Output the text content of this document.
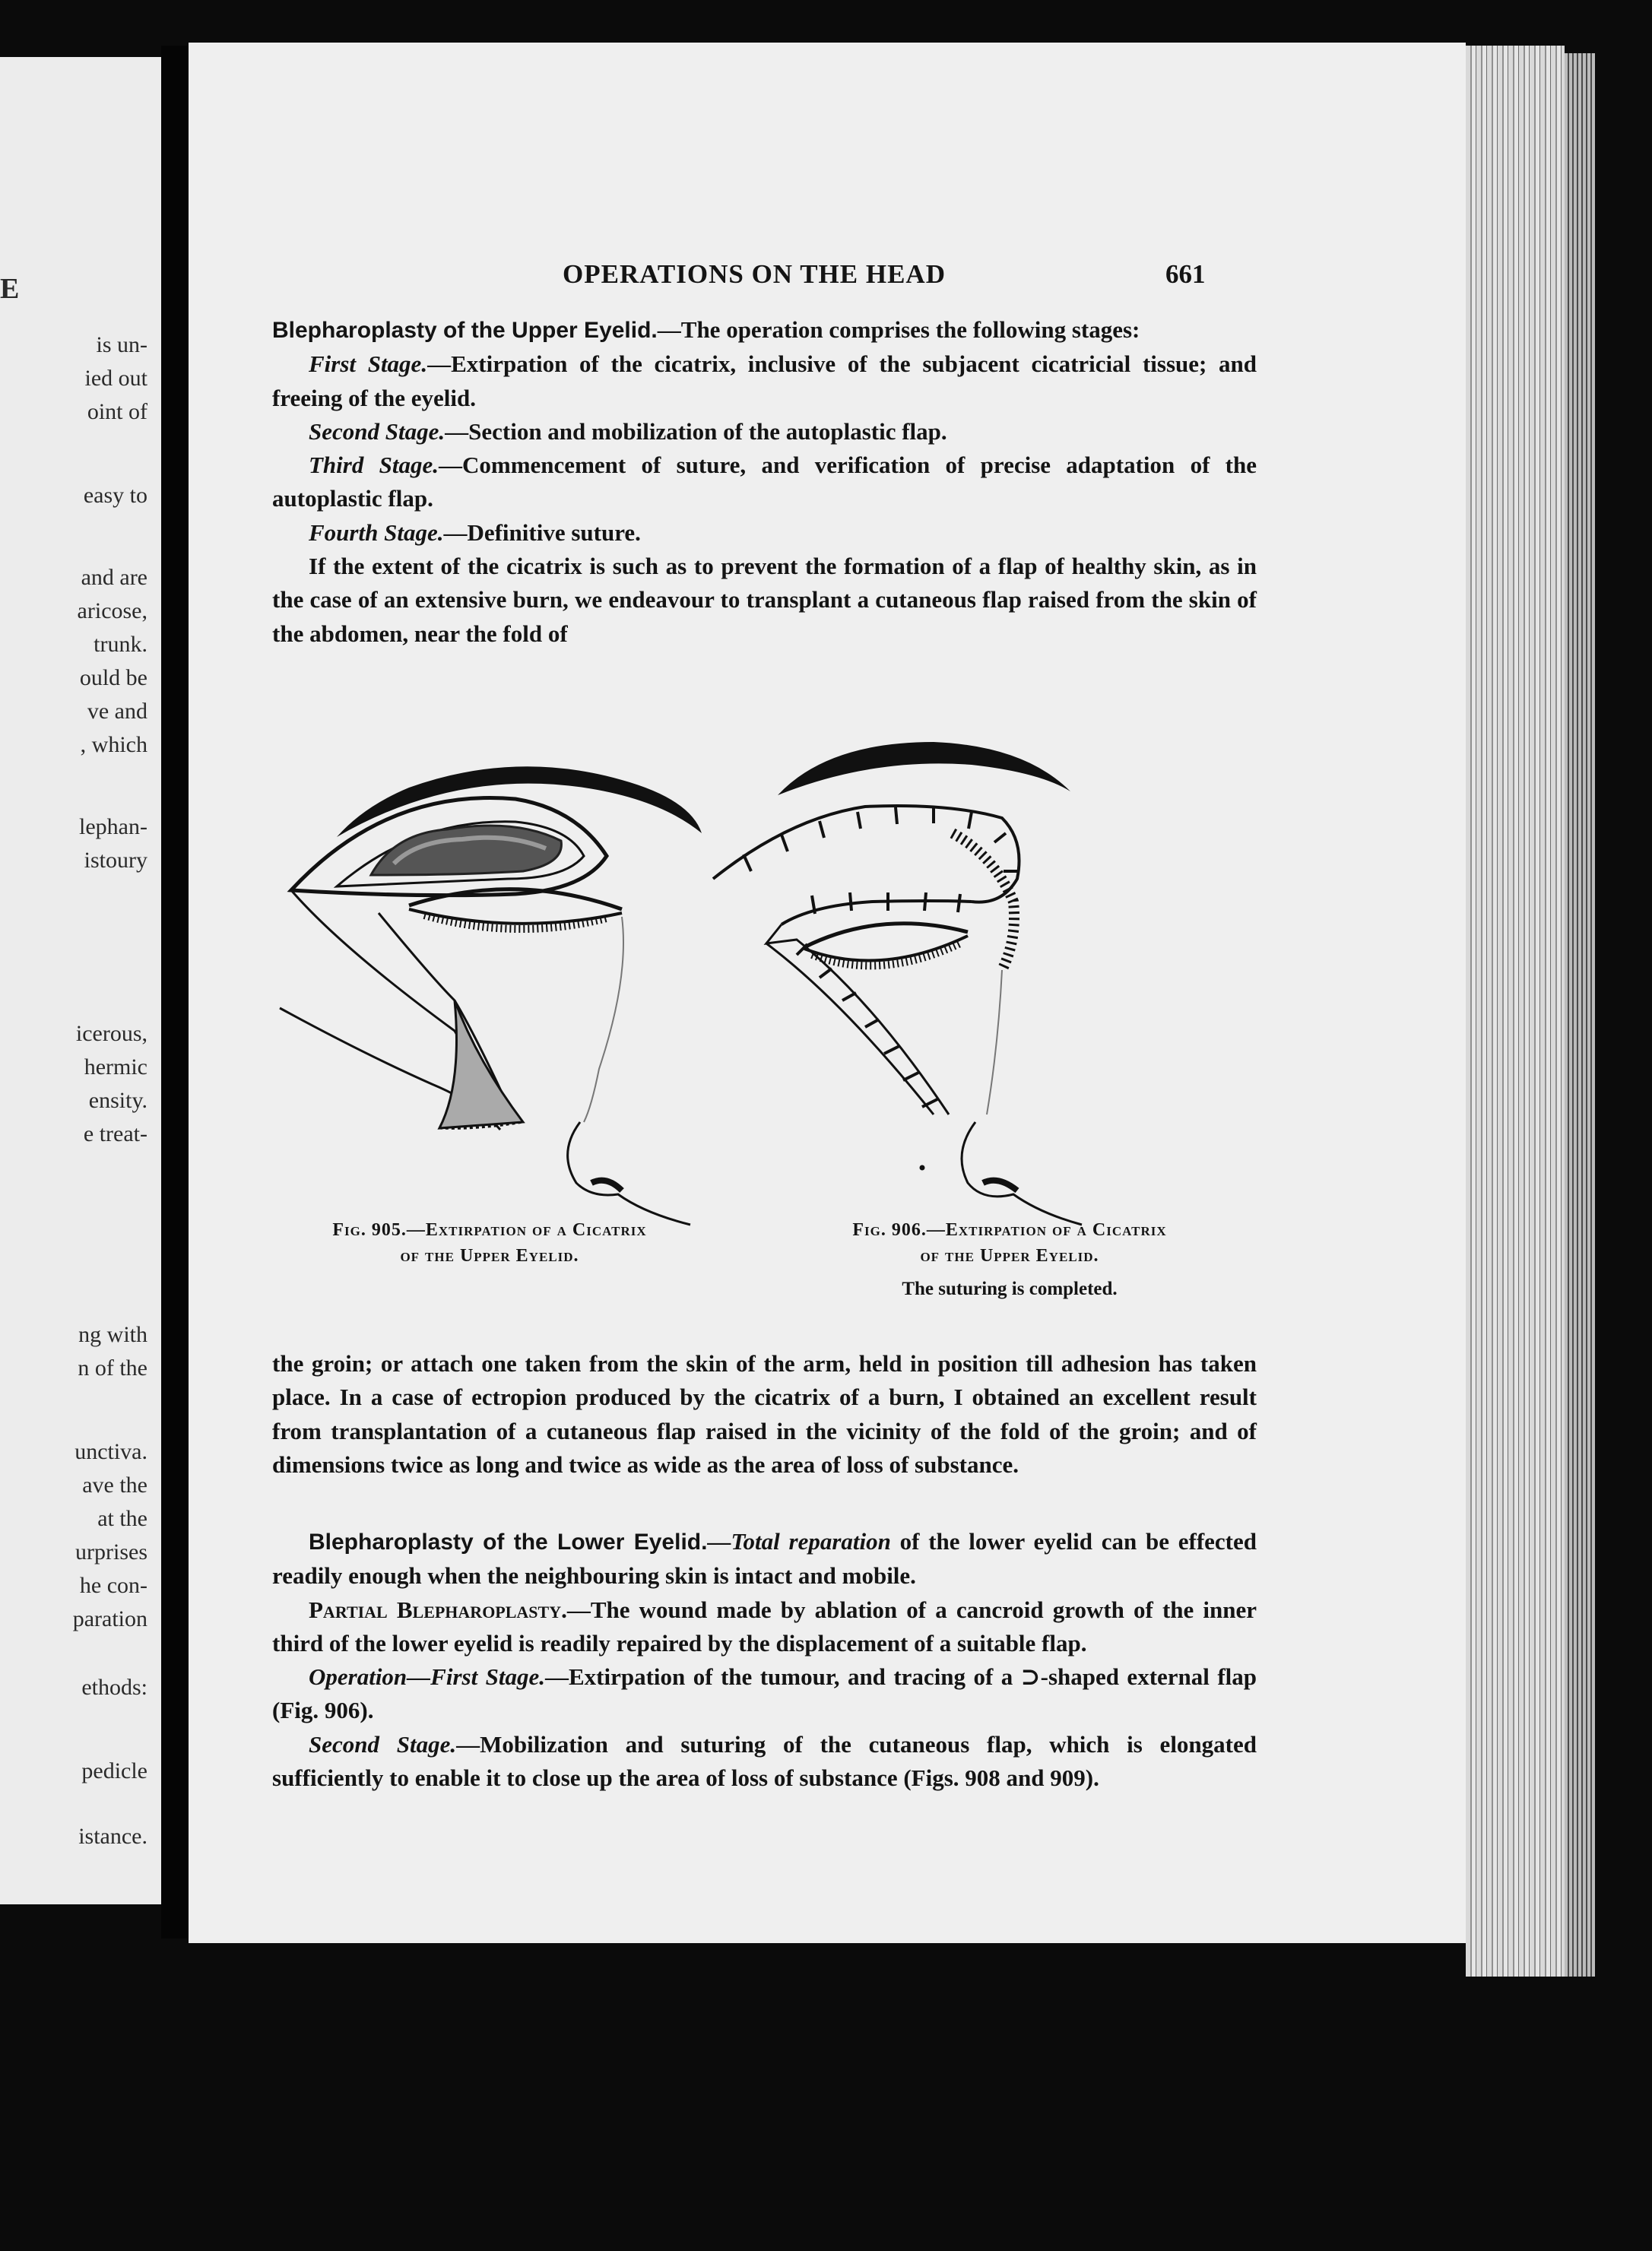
E
is un-
ied out
oint of
easy to
and are
aricose,
trunk.
ould be
ve and
, which
lephan-
istoury
icerous,
hermic
ensity.
e treat-
ng with
n of the
unctiva.
ave the
at the
urprises
he con-
paration
ethods:
pedicle
istance.
OPERATIONS ON THE HEAD	661

Blepharoplasty of the Upper Eyelid.—The operation comprises the following stages:

First Stage.—Extirpation of the cicatrix, inclusive of the subjacent cicatricial tissue; and freeing of the eyelid.

Second Stage.—Section and mobilization of the autoplastic flap.

Third Stage.—Commencement of suture, and verification of precise adaptation of the autoplastic flap.

Fourth Stage.—Definitive suture.

If the extent of the cicatrix is such as to prevent the formation of a flap of healthy skin, as in the case of an extensive burn, we endeavour to transplant a cutaneous flap raised from the skin of the abdomen, near the fold of

Fig. 905.—Extirpation of a Cicatrix
of the Upper Eyelid.
Fig. 906.—Extirpation of a Cicatrix
of the Upper Eyelid.
The suturing is completed.

the groin; or attach one taken from the skin of the arm, held in position till adhesion has taken place. In a case of ectropion produced by the cicatrix of a burn, I obtained an excellent result from transplantation of a cutaneous flap raised in the vicinity of the fold of the groin; and of dimensions twice as long and twice as wide as the area of loss of substance.

Blepharoplasty of the Lower Eyelid.—Total reparation of the lower eyelid can be effected readily enough when the neighbouring skin is intact and mobile.

Partial Blepharoplasty.—The wound made by ablation of a cancroid growth of the inner third of the lower eyelid is readily repaired by the displacement of a suitable flap.

Operation—First Stage.—Extirpation of the tumour, and tracing of a ⊃-shaped external flap (Fig. 906).

Second Stage.—Mobilization and suturing of the cutaneous flap, which is elongated sufficiently to enable it to close up the area of loss of substance (Figs. 908 and 909).
